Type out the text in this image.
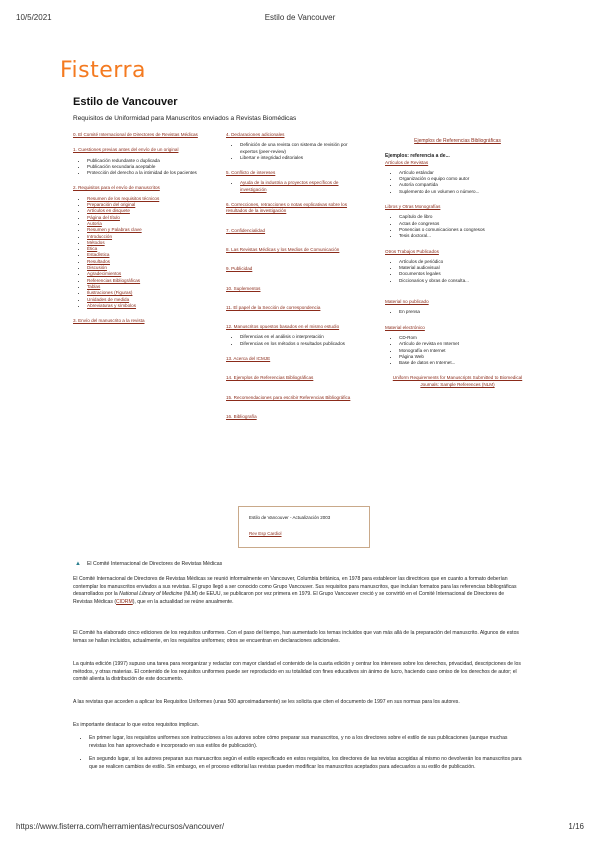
10/5/2021	Estilo de Vancouver
Fisterra
Estilo de Vancouver
Requisitos de Uniformidad para Manuscritos enviados a Revistas Biomédicas
0. El Comité Internacional de Directores de Revistas Médicas
1. Cuestiones previas antes del envío de un original
• Publicación redundante o duplicada
• Publicación secundaria aceptable
• Protección del derecho a la intimidad de los pacientes
2. Requisitos para el envío de manuscritos
• Resumen de los requisitos técnicos
• Preparación del original
• Artículos en disquete
• Página del título
• Autoría
• Resumen y Palabras clave
• Introducción
• Métodos
• Ética
• Estadística
• Resultados
• Discusión
• Agradecimientos
• Referencias Bibliográficas
• Tablas
• Ilustraciones (Figuras)
• Unidades de medida
• Abreviaturas y símbolos
3. Envío del manuscrito a la revista
4. Declaraciones adicionales
• Definición de una revista con sistema de revisión por expertos (peer-review)
• Libertar e integridad editoriales
5. Conflicto de intereses
• Ayuda de la industria a proyectos específicos de investigación
6. Correcciones, retracciones o notas explicativas sobre los resultados de la investigación
7. Confidencialidad
8. Las Revistas Médicas y los Medios de Comunicación
9. Publicidad
10. Suplementos
11. El papel de la Sección de correspondencia
12. Manuscritos opuestos basados en el mismo estudio
• Diferencias en el análisis o interpretación
• Diferencias en los métodos o resultados publicados
13. Acerca del ICMJE
14. Ejemplos de Referencias Bibliográficas
15. Recomendaciones para escribir Referencias Bibliográfica
16. Bibliografía
Ejemplos de Referencias Bibliográficas
Ejemplos: referencia a de...
Artículos de Revistas
• Artículo estándar
• Organización o equipo como autor
• Autoría compartida
• Suplemento de un volumen o número...
Libros y Otras Monografías
• Capítulo de libro
• Actas de congresos
• Ponencias o comunicaciones a congresos
• Tesis doctoral...
Otros Trabajos Publicados
• Artículos de periódico
• Material audiovisual
• Documentos legales
• Diccionarios y obras de consulta...
Material no publicado
• En prensa
Material electrónico
• CD-Rom
• Artículo de revista en Internet
• Monografía en Internet
• Página Web
• Base de datos en Internet...
Uniform Requirements for Manuscripts Submitted to Biomedical Journals: Sample References (NLM)
Estilo de Vancouver - Actualización 2003
Rev Esp Cardiol
▲ El Comité Internacional de Directores de Revistas Médicas

El Comité Internacional de Directores de Revistas Médicas se reunió informalmente en Vancouver, Columbia británica, en 1978 para establecer las directrices que en cuanto a formato deberían contemplar los manuscritos enviados a sus revistas. El grupo llegó a ser conocido como Grupo Vancouver. Sus requisitos para manuscritos, que incluían formatos para las referencias bibliográficas desarrollados por la National Library of Medicine (NLM) de EEUU, se publicaron por vez primera en 1979. El Grupo Vancouver creció y se convirtió en el Comité Internacional de Directores de Revistas Médicas (CIDRM), que en la actualidad se reúne anualmente.

El Comité ha elaborado cinco ediciones de los requisitos uniformes. Con el paso del tiempo, han aumentado los temas incluidos que van más allá de la preparación del manuscrito. Algunos de estos temas se hallan incluidos, actualmente, en los requisitos uniformes; otros se encuentran en declaraciones adicionales.
La quinta edición (1997) supuso una tarea para reorganizar y redactar con mayor claridad el contenido de la cuarta edición y centrar los intereses sobre los derechos, privacidad, descripciones de los métodos, y otras materias. El contenido de los requisitos uniformes puede ser reproducido en su totalidad con fines educativos sin ánimo de lucro, haciendo caso omiso de los derechos de autor; el comité alienta la distribución de este documento.
A las revistas que acceden a aplicar los Requisitos Uniformes (unas 500 aproximadamente) se les solicita que citen el documento de 1997 en sus normas para los autores.
Es importante destacar lo que estos requisitos implican.
• En primer lugar, los requisitos uniformes son instrucciones a los autores sobre cómo preparar sus manuscritos, y no a los directores sobre el estilo de sus publicaciones (aunque muchas revistas los han aprovechado e incorporado en sus estilos de publicación).
• En segundo lugar, si los autores preparan sus manuscritos según el estilo especificado en estos requisitos, los directores de las revistas acogidas al mismo no devolverán los manuscritos para que se realicen cambios de estilo. Sin embargo, en el proceso editorial las revistas pueden modificar los manuscritos aceptados para adecuarlos a su estilo de publicación.
https://www.fisterra.com/herramientas/recursos/vancouver/	1/16
